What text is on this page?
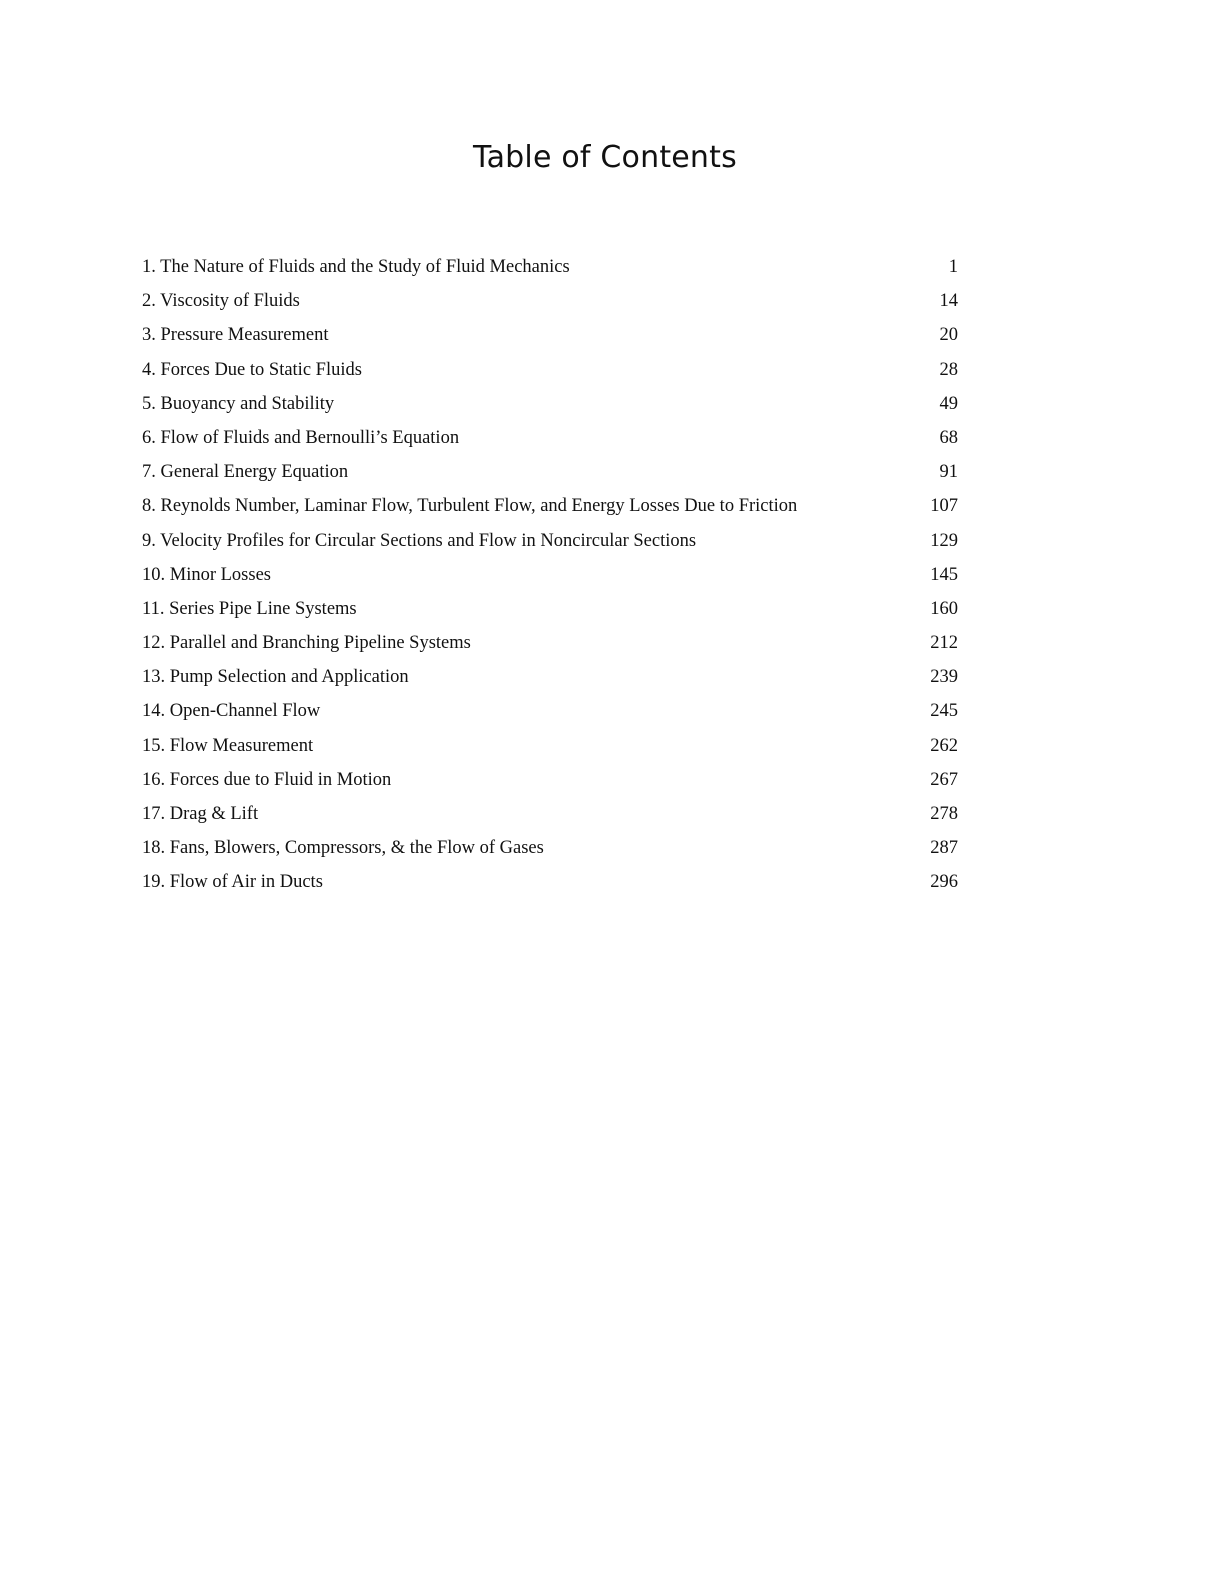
Table of Contents
1. The Nature of Fluids and the Study of Fluid Mechanics	1
2. Viscosity of Fluids	14
3. Pressure Measurement	20
4. Forces Due to Static Fluids	28
5. Buoyancy and Stability	49
6. Flow of Fluids and Bernoulli’s Equation	68
7. General Energy Equation	91
8. Reynolds Number, Laminar Flow, Turbulent Flow, and Energy Losses Due to Friction	107
9. Velocity Profiles for Circular Sections and Flow in Noncircular Sections	129
10. Minor Losses	145
11. Series Pipe Line Systems	160
12. Parallel and Branching Pipeline Systems	212
13. Pump Selection and Application	239
14. Open-Channel Flow	245
15. Flow Measurement	262
16. Forces due to Fluid in Motion	267
17. Drag & Lift	278
18. Fans, Blowers, Compressors, & the Flow of Gases	287
19. Flow of Air in Ducts	296
